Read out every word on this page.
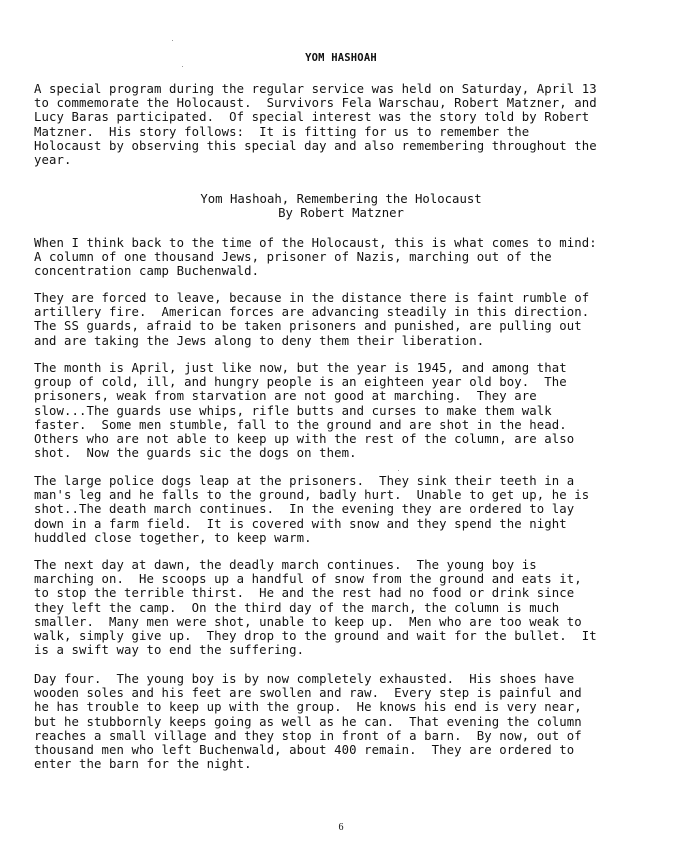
YOM HASHOAH
A special program during the regular service was held on Saturday, April 13
to commemorate the Holocaust.  Survivors Fela Warschau, Robert Matzner, and
Lucy Baras participated.  Of special interest was the story told by Robert
Matzner.  His story follows:  It is fitting for us to remember the
Holocaust by observing this special day and also remembering throughout the
year.
Yom Hashoah, Remembering the Holocaust
By Robert Matzner
When I think back to the time of the Holocaust, this is what comes to mind:
A column of one thousand Jews, prisoner of Nazis, marching out of the
concentration camp Buchenwald.
They are forced to leave, because in the distance there is faint rumble of
artillery fire.  American forces are advancing steadily in this direction.
The SS guards, afraid to be taken prisoners and punished, are pulling out
and are taking the Jews along to deny them their liberation.
The month is April, just like now, but the year is 1945, and among that
group of cold, ill, and hungry people is an eighteen year old boy.  The
prisoners, weak from starvation are not good at marching.  They are
slow...The guards use whips, rifle butts and curses to make them walk
faster.  Some men stumble, fall to the ground and are shot in the head.
Others who are not able to keep up with the rest of the column, are also
shot.  Now the guards sic the dogs on them.
The large police dogs leap at the prisoners.  They sink their teeth in a
man's leg and he falls to the ground, badly hurt.  Unable to get up, he is
shot..The death march continues.  In the evening they are ordered to lay
down in a farm field.  It is covered with snow and they spend the night
huddled close together, to keep warm.
The next day at dawn, the deadly march continues.  The young boy is
marching on.  He scoops up a handful of snow from the ground and eats it,
to stop the terrible thirst.  He and the rest had no food or drink since
they left the camp.  On the third day of the march, the column is much
smaller.  Many men were shot, unable to keep up.  Men who are too weak to
walk, simply give up.  They drop to the ground and wait for the bullet.  It
is a swift way to end the suffering.
Day four.  The young boy is by now completely exhausted.  His shoes have
wooden soles and his feet are swollen and raw.  Every step is painful and
he has trouble to keep up with the group.  He knows his end is very near,
but he stubbornly keeps going as well as he can.  That evening the column
reaches a small village and they stop in front of a barn.  By now, out of
thousand men who left Buchenwald, about 400 remain.  They are ordered to
enter the barn for the night.
6
